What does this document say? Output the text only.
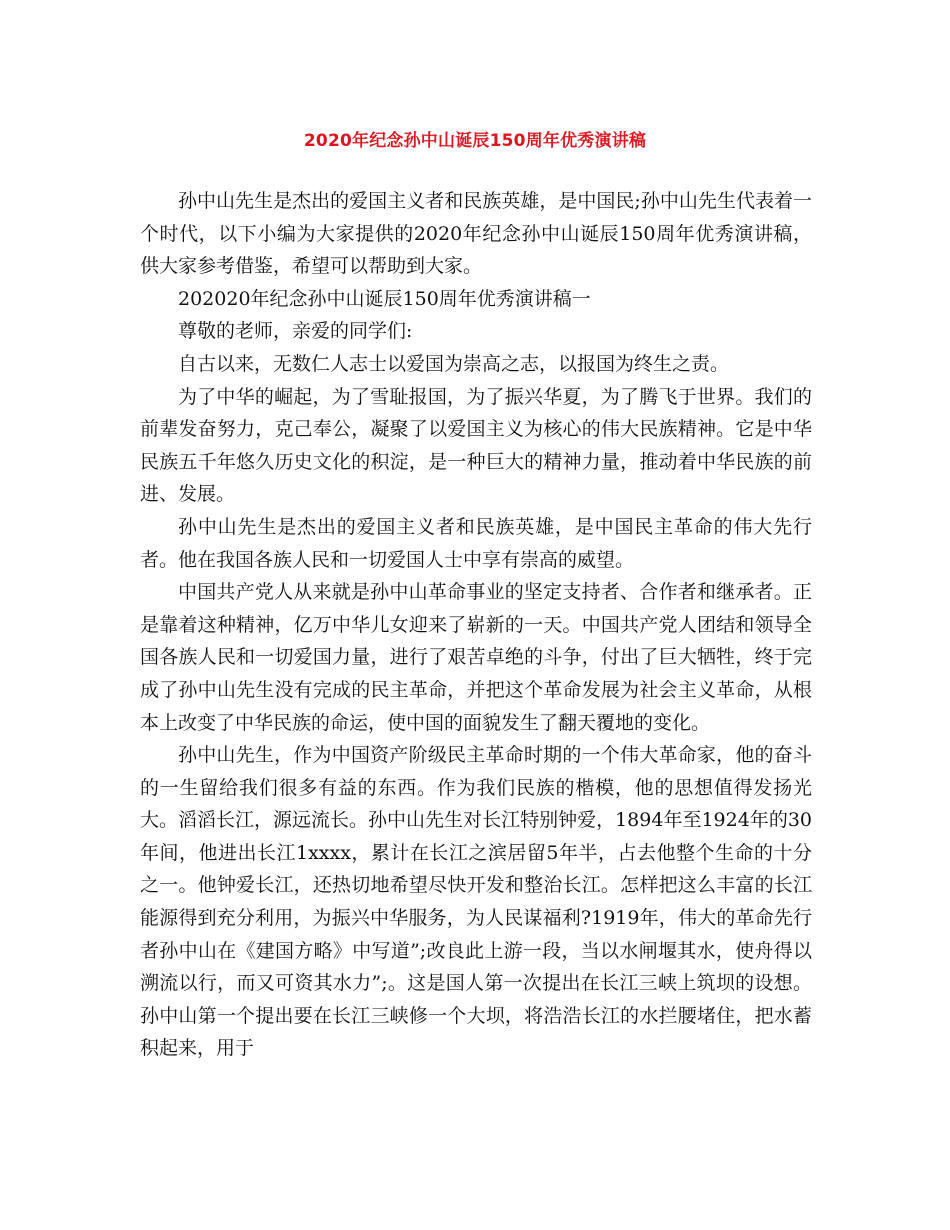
2020年纪念孙中山诞辰150周年优秀演讲稿

孙中山先生是杰出的爱国主义者和民族英雄，是中国民;孙中山先生代表着一个时代，以下小编为大家提供的2020年纪念孙中山诞辰150周年优秀演讲稿，供大家参考借鉴，希望可以帮助到大家。

202020年纪念孙中山诞辰150周年优秀演讲稿一

尊敬的老师，亲爱的同学们:

自古以来，无数仁人志士以爱国为崇高之志，以报国为终生之责。

为了中华的崛起，为了雪耻报国，为了振兴华夏，为了腾飞于世界。我们的前辈发奋努力，克己奉公，凝聚了以爱国主义为核心的伟大民族精神。它是中华民族五千年悠久历史文化的积淀，是一种巨大的精神力量，推动着中华民族的前进、发展。

孙中山先生是杰出的爱国主义者和民族英雄，是中国民主革命的伟大先行者。他在我国各族人民和一切爱国人士中享有崇高的威望。

中国共产党人从来就是孙中山革命事业的坚定支持者、合作者和继承者。正是靠着这种精神，亿万中华儿女迎来了崭新的一天。中国共产党人团结和领导全国各族人民和一切爱国力量，进行了艰苦卓绝的斗争，付出了巨大牺牲，终于完成了孙中山先生没有完成的民主革命，并把这个革命发展为社会主义革命，从根本上改变了中华民族的命运，使中国的面貌发生了翻天覆地的变化。

孙中山先生，作为中国资产阶级民主革命时期的一个伟大革命家，他的奋斗的一生留给我们很多有益的东西。作为我们民族的楷模，他的思想值得发扬光大。滔滔长江，源远流长。孙中山先生对长江特别钟爱，1894年至1924年的30年间，他进出长江1xxxx，累计在长江之滨居留5年半，占去他整个生命的十分之一。他钟爱长江，还热切地希望尽快开发和整治长江。怎样把这么丰富的长江能源得到充分利用，为振兴中华服务，为人民谋福利?1919年，伟大的革命先行者孙中山在《建国方略》中写道”;改良此上游一段，当以水闸堰其水，使舟得以溯流以行，而又可资其水力”;。这是国人第一次提出在长江三峡上筑坝的设想。孙中山第一个提出要在长江三峡修一个大坝，将浩浩长江的水拦腰堵住，把水蓄积起来，用于
